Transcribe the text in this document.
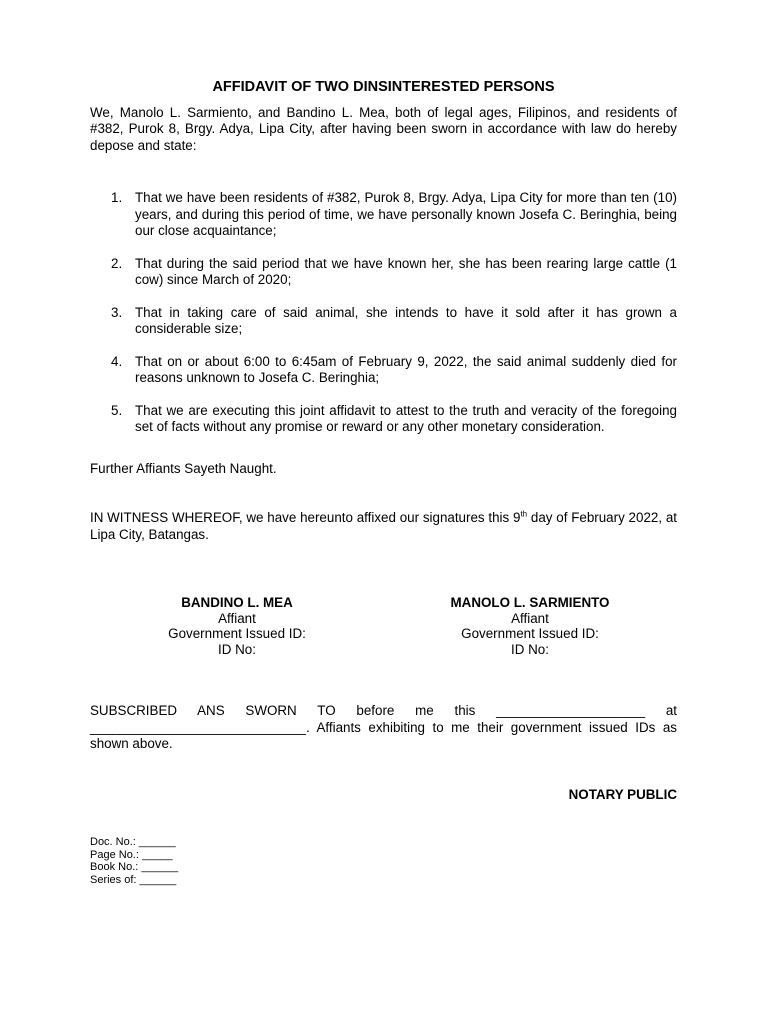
AFFIDAVIT OF TWO DINSINTERESTED PERSONS

We, Manolo L. Sarmiento, and Bandino L. Mea, both of legal ages, Filipinos, and residents of #382, Purok 8, Brgy. Adya, Lipa City, after having been sworn in accordance with law do hereby depose and state:

1. That we have been residents of #382, Purok 8, Brgy. Adya, Lipa City for more than ten (10) years, and during this period of time, we have personally known Josefa C. Beringhia, being our close acquaintance;
2. That during the said period that we have known her, she has been rearing large cattle (1 cow) since March of 2020;
3. That in taking care of said animal, she intends to have it sold after it has grown a considerable size;
4. That on or about 6:00 to 6:45am of February 9, 2022, the said animal suddenly died for reasons unknown to Josefa C. Beringhia;
5. That we are executing this joint affidavit to attest to the truth and veracity of the foregoing set of facts without any promise or reward or any other monetary consideration.

Further Affiants Sayeth Naught.

IN WITNESS WHEREOF, we have hereunto affixed our signatures this 9th day of February 2022, at Lipa City, Batangas.

BANDINO L. MEA
Affiant
Government Issued ID:
ID No:
MANOLO L. SARMIENTO
Affiant
Government Issued ID:
ID No:

SUBSCRIBED ANS SWORN TO before me this ____________________ at _____________________________. Affiants exhibiting to me their government issued IDs as shown above.

NOTARY PUBLIC

Doc. No.: ______
Page No.: _____
Book No.: ______
Series of: ______
